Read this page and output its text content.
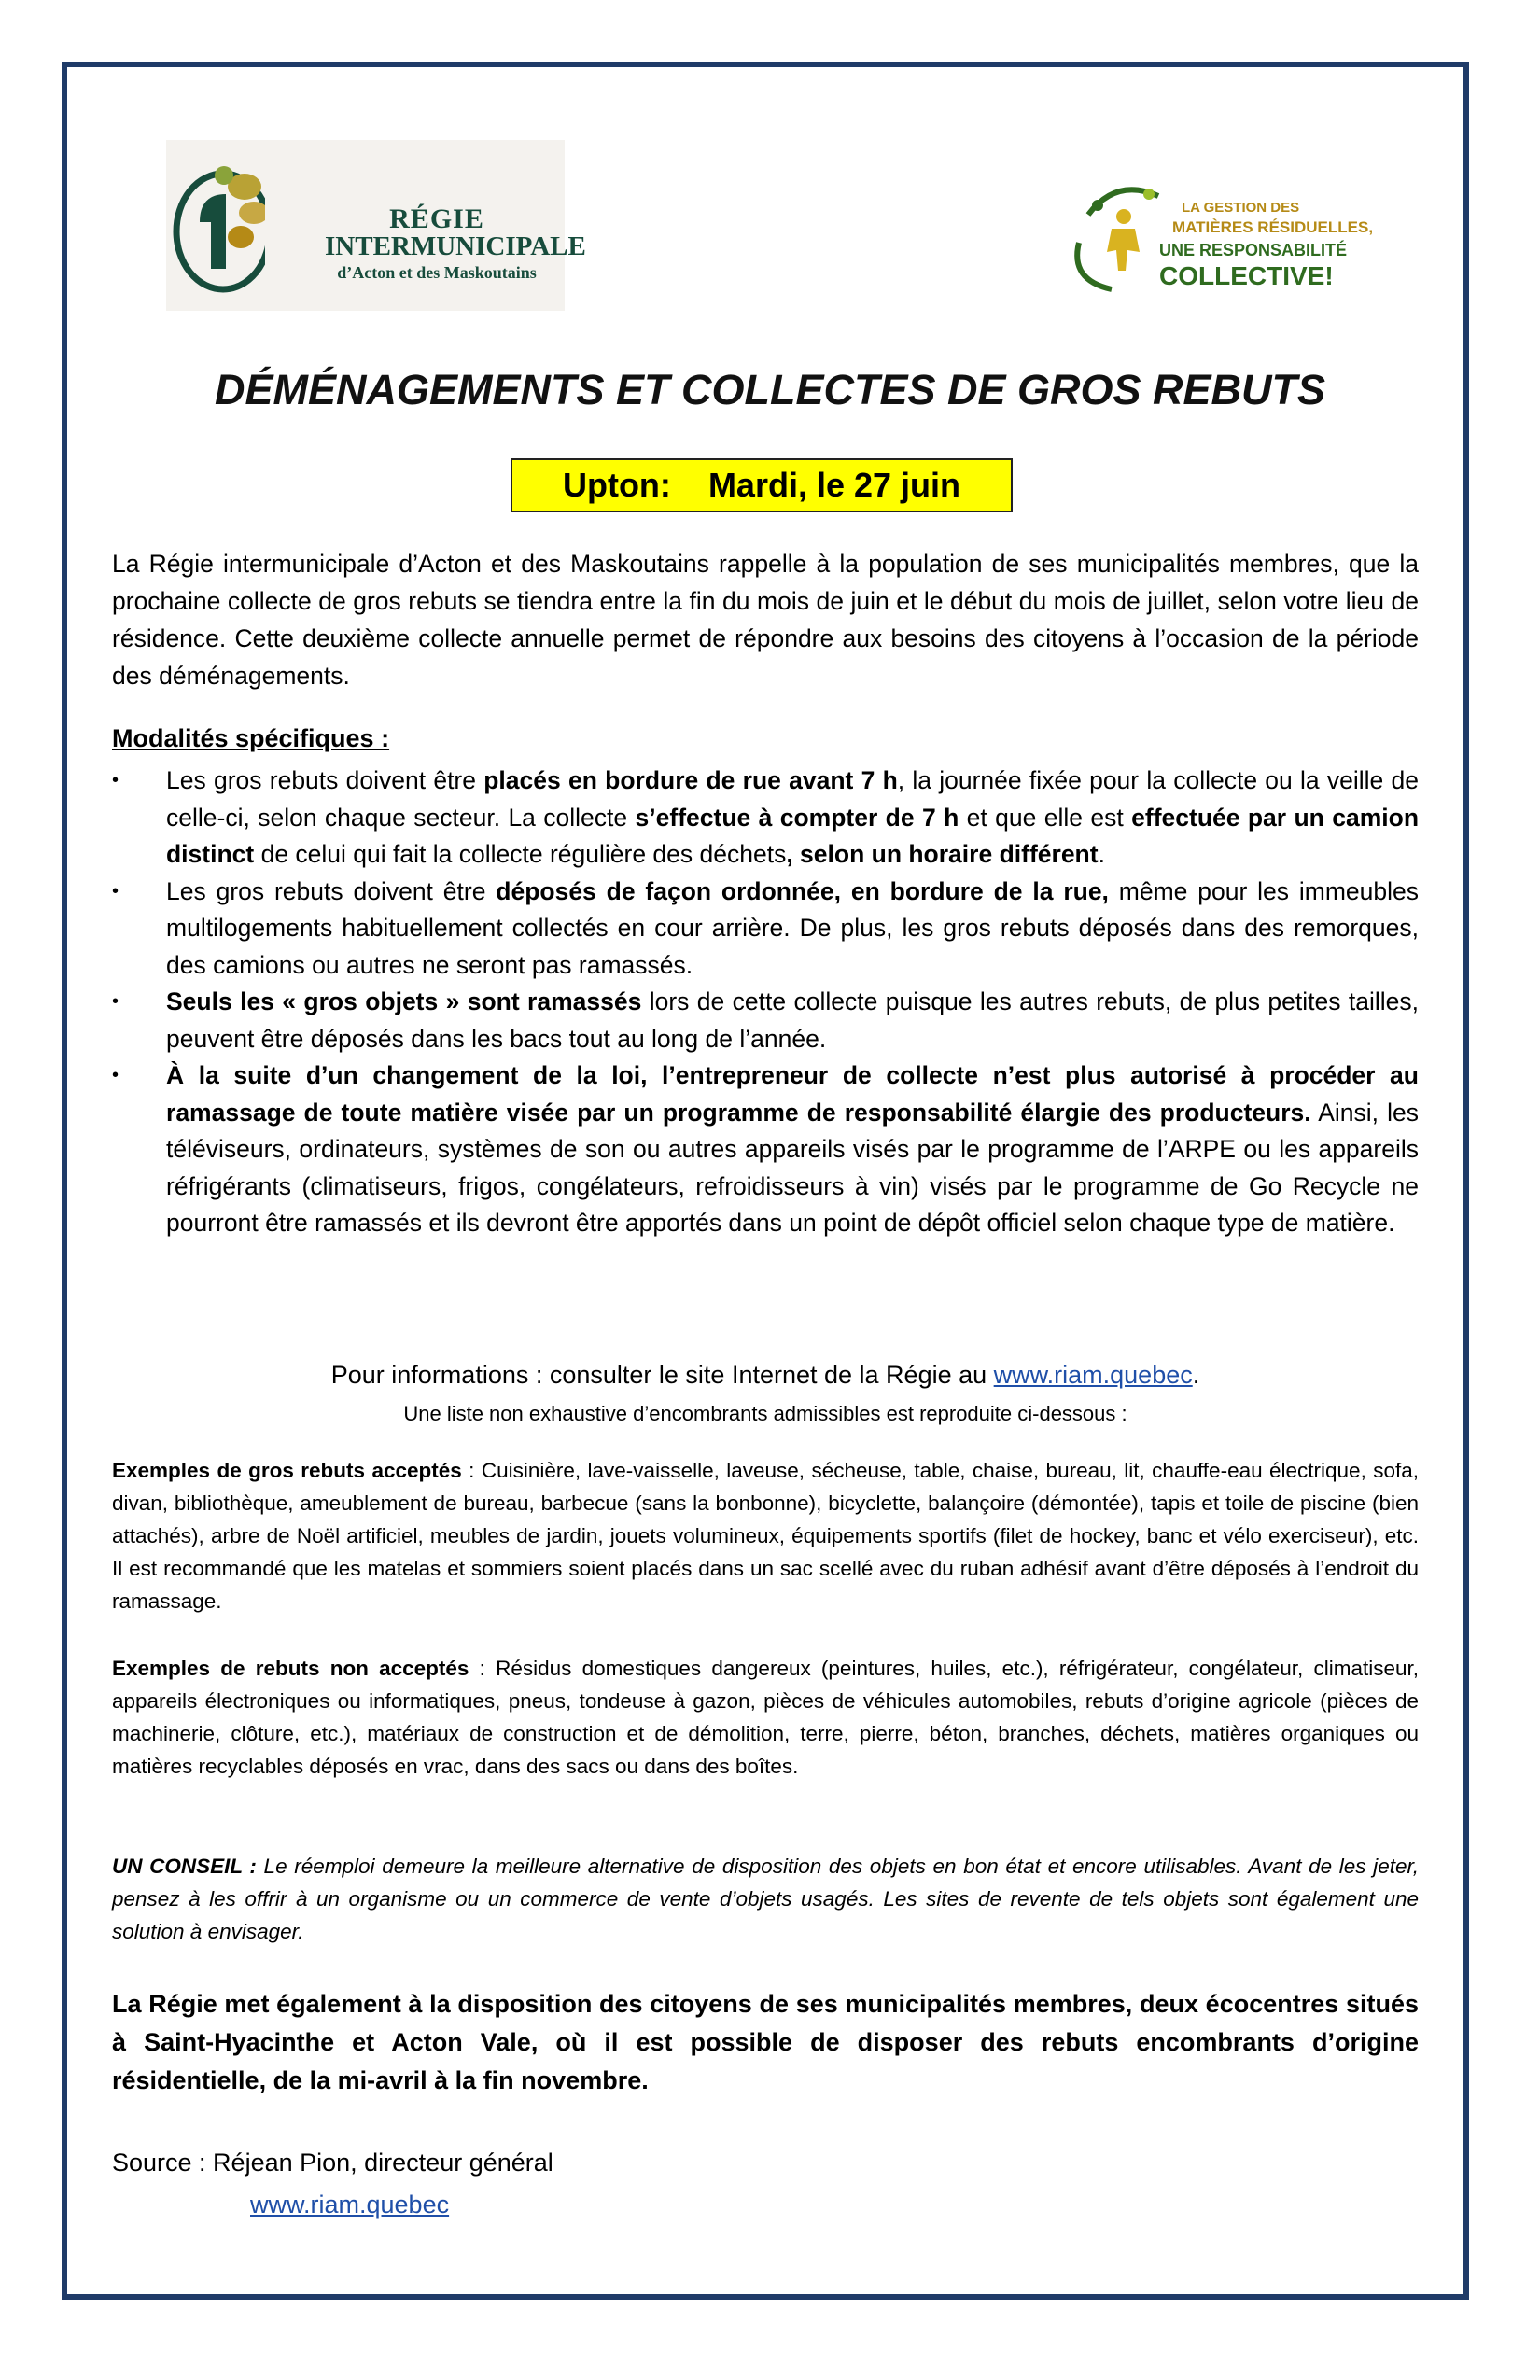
RÉGIE
INTERMUNICIPALE
d’Acton et des Maskoutains
LA GESTION DES
MATIÈRES RÉSIDUELLES,
UNE RESPONSABILITÉ
COLLECTIVE!
DÉMÉNAGEMENTS ET COLLECTES DE GROS REBUTS
Upton:
Mardi, le 27 juin
La Régie intermunicipale d’Acton et des Maskoutains rappelle à la population de ses municipalités membres, que la prochaine collecte de gros rebuts se tiendra entre la fin du mois de juin et le début du mois de juillet, selon votre lieu de résidence. Cette deuxième collecte annuelle permet de répondre aux besoins des citoyens à l’occasion de la période des déménagements.
Modalités spécifiques :
• Les gros rebuts doivent être placés en bordure de rue avant 7 h, la journée fixée pour la collecte ou la veille de celle-ci, selon chaque secteur. La collecte s’effectue à compter de 7 h et que elle est effectuée par un camion distinct de celui qui fait la collecte régulière des déchets, selon un horaire différent.
• Les gros rebuts doivent être déposés de façon ordonnée, en bordure de la rue, même pour les immeubles multilogements habituellement collectés en cour arrière. De plus, les gros rebuts déposés dans des remorques, des camions ou autres ne seront pas ramassés.
• Seuls les « gros objets » sont ramassés lors de cette collecte puisque les autres rebuts, de plus petites tailles, peuvent être déposés dans les bacs tout au long de l’année.
• À la suite d’un changement de la loi, l’entrepreneur de collecte n’est plus autorisé à procéder au ramassage de toute matière visée par un programme de responsabilité élargie des producteurs. Ainsi, les téléviseurs, ordinateurs, systèmes de son ou autres appareils visés par le programme de l’ARPE ou les appareils réfrigérants (climatiseurs, frigos, congélateurs, refroidisseurs à vin) visés par le programme de Go Recycle ne pourront être ramassés et ils devront être apportés dans un point de dépôt officiel selon chaque type de matière.
Pour informations : consulter le site Internet de la Régie au www.riam.quebec.
Une liste non exhaustive d’encombrants admissibles est reproduite ci-dessous :
Exemples de gros rebuts acceptés : Cuisinière, lave-vaisselle, laveuse, sécheuse, table, chaise, bureau, lit, chauffe-eau électrique, sofa, divan, bibliothèque, ameublement de bureau, barbecue (sans la bonbonne), bicyclette, balançoire (démontée), tapis et toile de piscine (bien attachés), arbre de Noël artificiel, meubles de jardin, jouets volumineux, équipements sportifs (filet de hockey, banc et vélo exerciseur), etc. Il est recommandé que les matelas et sommiers soient placés dans un sac scellé avec du ruban adhésif avant d’être déposés à l’endroit du ramassage.
Exemples de rebuts non acceptés : Résidus domestiques dangereux (peintures, huiles, etc.), réfrigérateur, congélateur, climatiseur, appareils électroniques ou informatiques, pneus, tondeuse à gazon, pièces de véhicules automobiles, rebuts d’origine agricole (pièces de machinerie, clôture, etc.), matériaux de construction et de démolition, terre, pierre, béton, branches, déchets, matières organiques ou matières recyclables déposés en vrac, dans des sacs ou dans des boîtes.
UN CONSEIL : Le réemploi demeure la meilleure alternative de disposition des objets en bon état et encore utilisables. Avant de les jeter, pensez à les offrir à un organisme ou un commerce de vente d’objets usagés. Les sites de revente de tels objets sont également une solution à envisager.
La Régie met également à la disposition des citoyens de ses municipalités membres, deux écocentres situés à Saint-Hyacinthe et Acton Vale, où il est possible de disposer des rebuts encombrants d’origine résidentielle, de la mi-avril à la fin novembre.
Source : Réjean Pion, directeur général
www.riam.quebec
